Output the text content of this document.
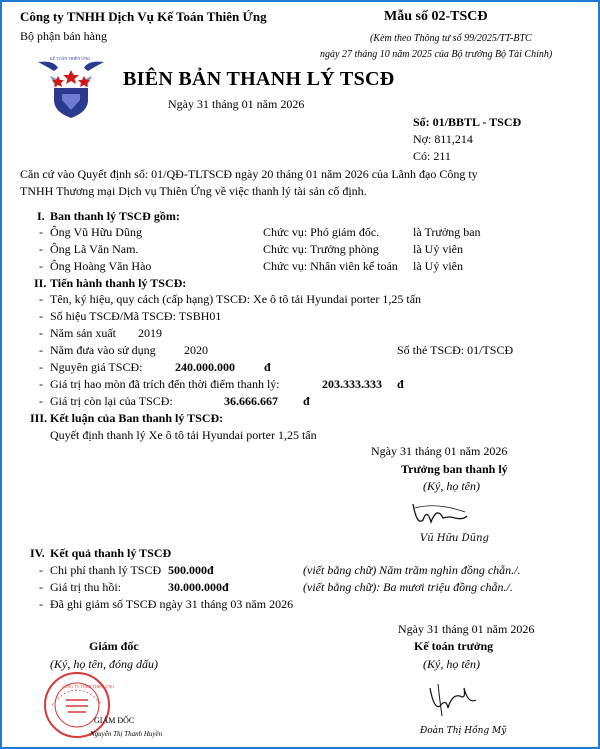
Công ty TNHH Dịch Vụ Kế Toán Thiên Ứng
Bộ phận bán hàng
Mẫu số 02-TSCĐ
(Kèm theo Thông tư số 99/2025/TT-BTC
ngày 27 tháng 10 năm 2025 của Bộ trưởng Bộ Tài Chính)
KẾ TOÁN THIÊN ỨNG
BIÊN BẢN THANH LÝ TSCĐ
Ngày 31 tháng 01 năm 2026
Số: 01/BBTL - TSCĐ
Nợ: 811,214
Có: 211
Căn cứ vào Quyết định số: 01/QĐ-TLTSCĐ ngày 20 tháng 01 năm 2026 của Lãnh đạo Công ty
TNHH Thương mại Dịch vụ Thiên Ứng về việc thanh lý tài sản cố định.
I. Ban thanh lý TSCĐ gồm:
- Ông Vũ Hữu Dũng	Chức vụ: Phó giám đốc.	là Trưởng ban
- Ông Lã Văn Nam.	Chức vụ: Trưởng phòng	là Uỷ viên
- Ông Hoàng Văn Hào	Chức vụ: Nhân viên kế toán là Uỷ viên
II. Tiến hành thanh lý TSCĐ:
- Tên, ký hiệu, quy cách (cấp hạng) TSCĐ: Xe ô tô tải Hyundai porter 1,25 tấn
- Số hiệu TSCĐ/Mã TSCĐ: TSBH01
- Năm sản xuất 2019
- Năm đưa vào sử dụng 2020	Số thẻ TSCĐ: 01/TSCĐ
- Nguyên giá TSCĐ:	240.000.000 đ
- Giá trị hao mòn đã trích đến thời điểm thanh lý:	203.333.333 đ
- Giá trị còn lại của TSCĐ:	36.666.667 đ
III. Kết luận của Ban thanh lý TSCĐ:
Quyết định thanh lý Xe ô tô tải Hyundai porter 1,25 tấn
Ngày 31 tháng 01 năm 2026
Trưởng ban thanh lý
(Ký, họ tên)
Vũ Hữu Dũng
IV. Kết quả thanh lý TSCĐ
- Chi phí thanh lý TSCĐ 500.000đ	(viết bằng chữ) Năm trăm nghìn đồng chẵn./.
- Giá trị thu hồi:	30.000.000đ	(viết bằng chữ): Ba mươi triệu đồng chẵn./.
- Đã ghi giảm số TSCĐ ngày 31 tháng 03 năm 2026
Ngày 31 tháng 01 năm 2026
Giám đốc
(Ký, họ tên, đóng dấu)
Kế toán trưởng
(Ký, họ tên)
CÔNG TY TNHH THIÊN ỨNG
GIÁM ĐỐC
Nguyễn Thị Thanh Huyền	Đoàn Thị Hồng Mỹ
